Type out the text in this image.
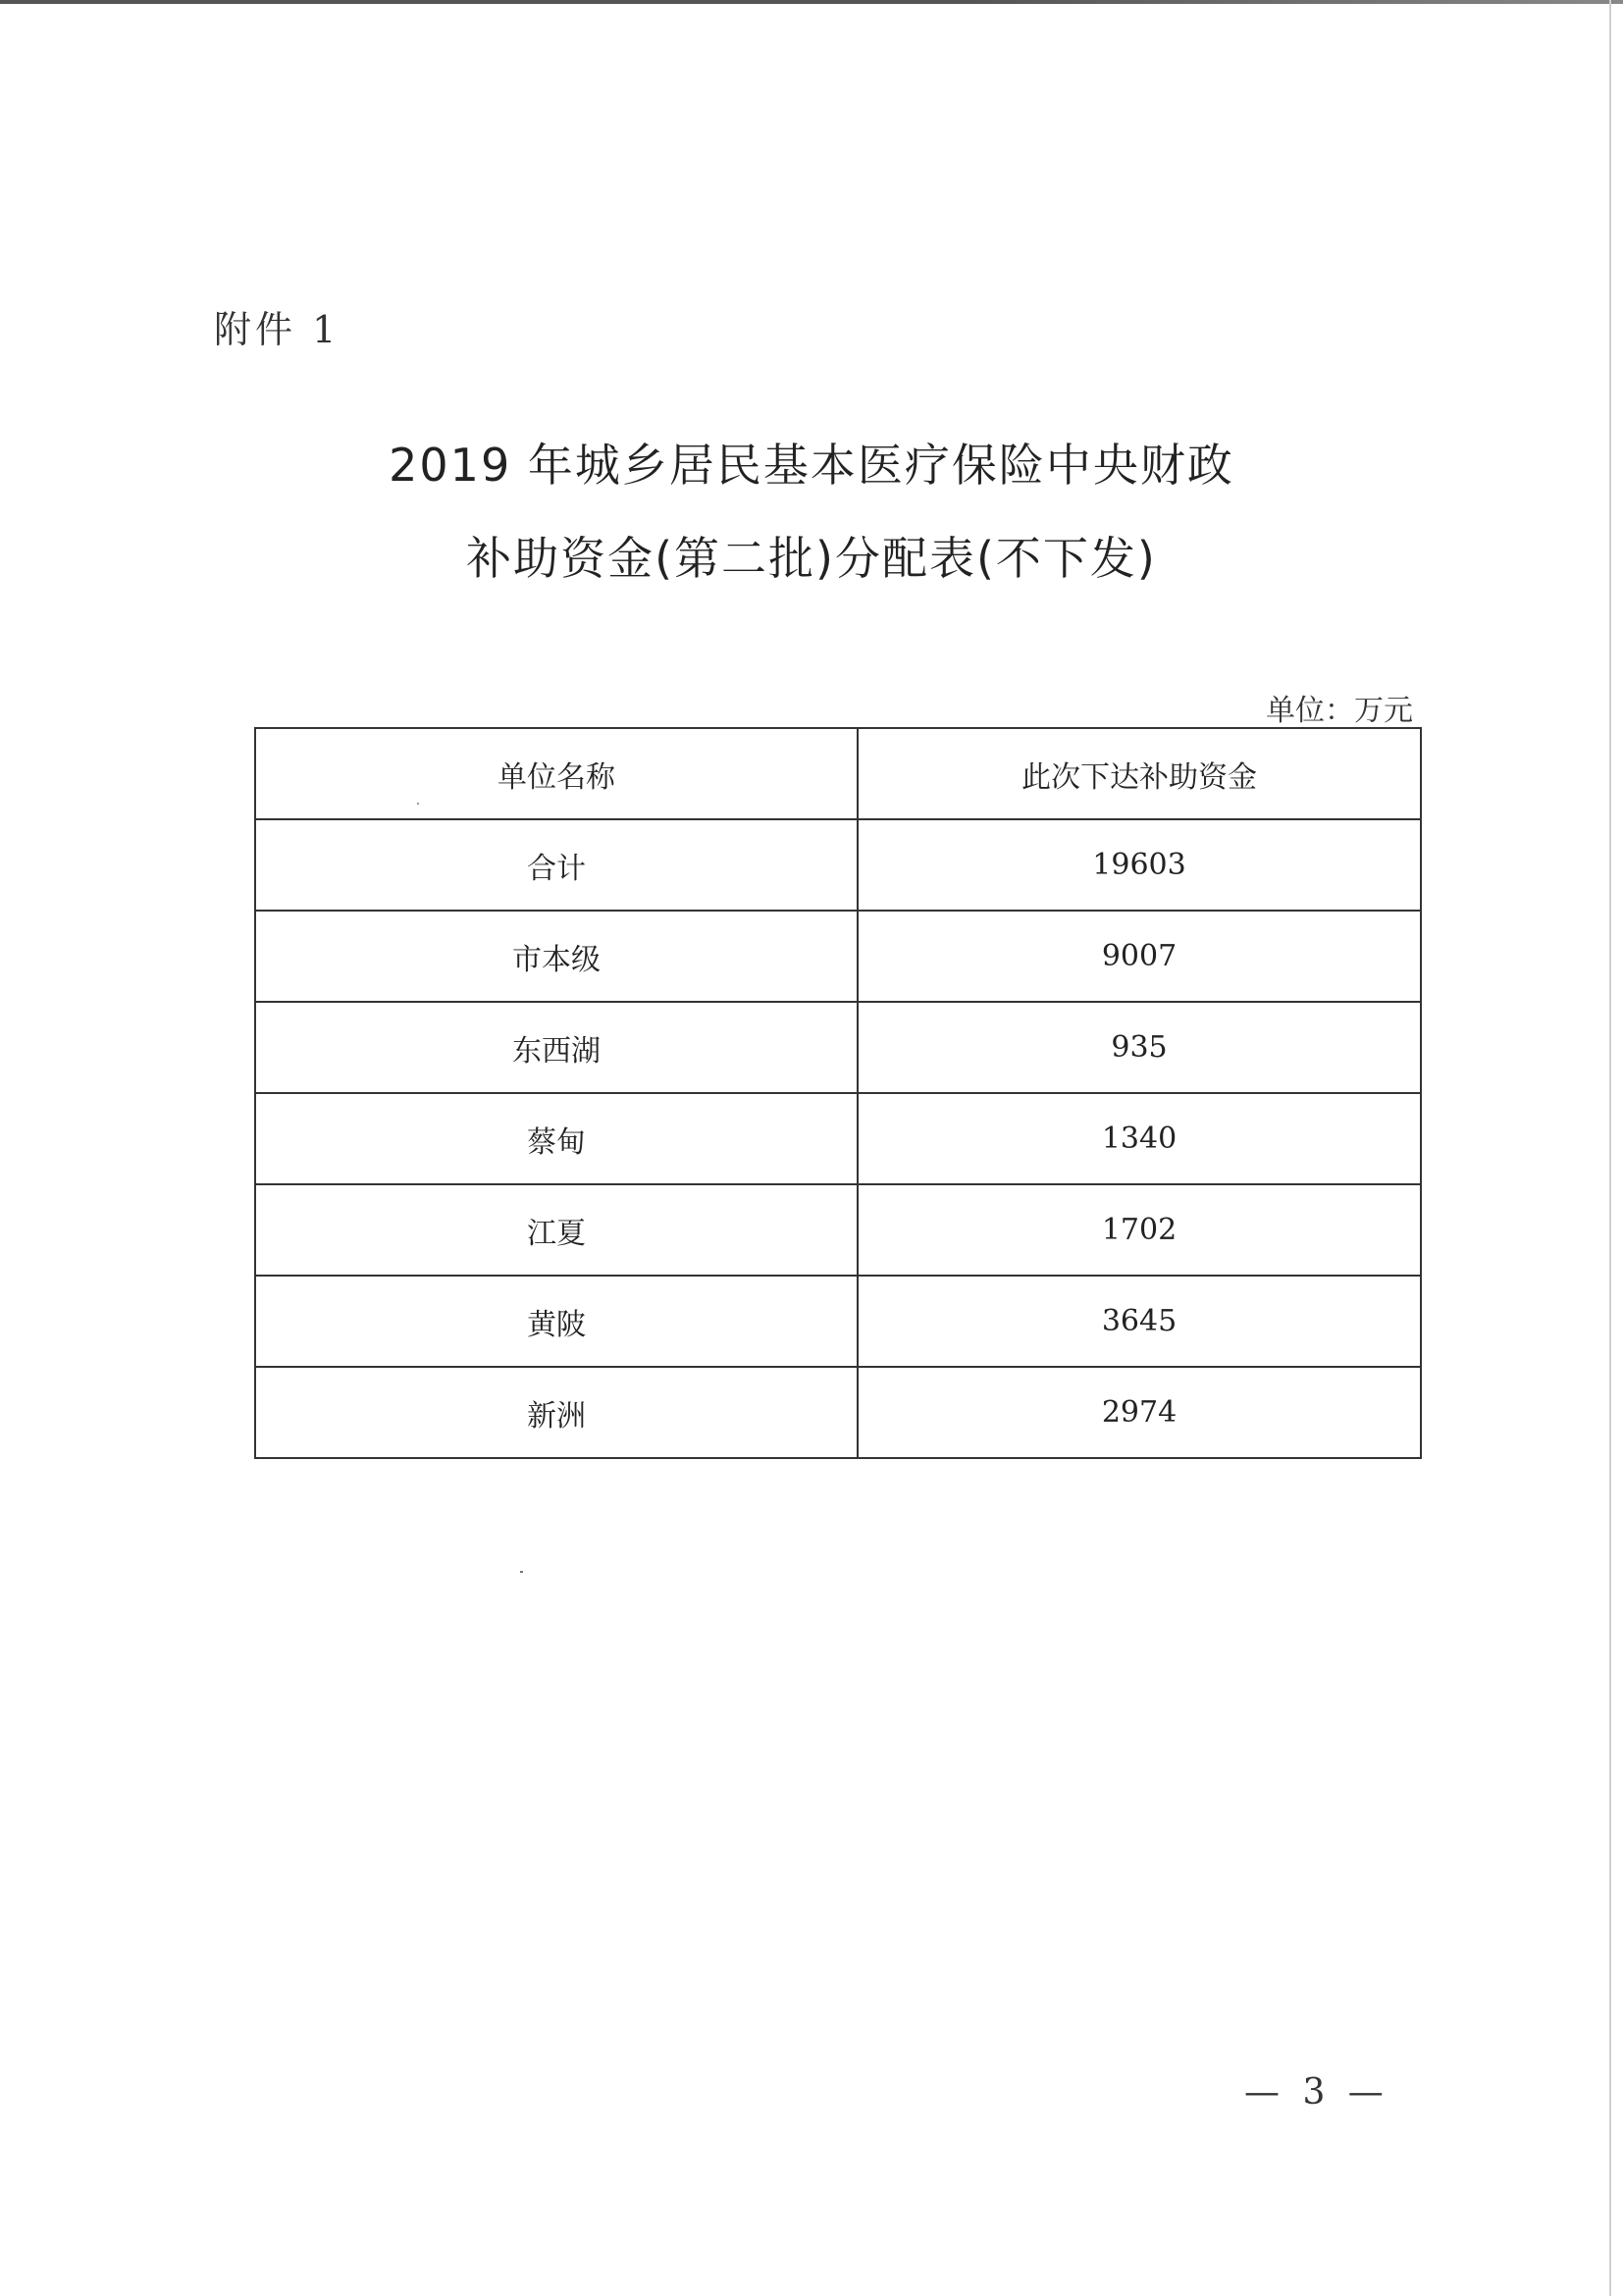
附件 1
2019 年城乡居民基本医疗保险中央财政
补助资金(第二批)分配表(不下发)
单位：万元
单位名称	此次下达补助资金
合计	19603
市本级	9007
东西湖	935
蔡甸	1340
江夏	1702
黄陂	3645
新洲	2974
— 3 —
